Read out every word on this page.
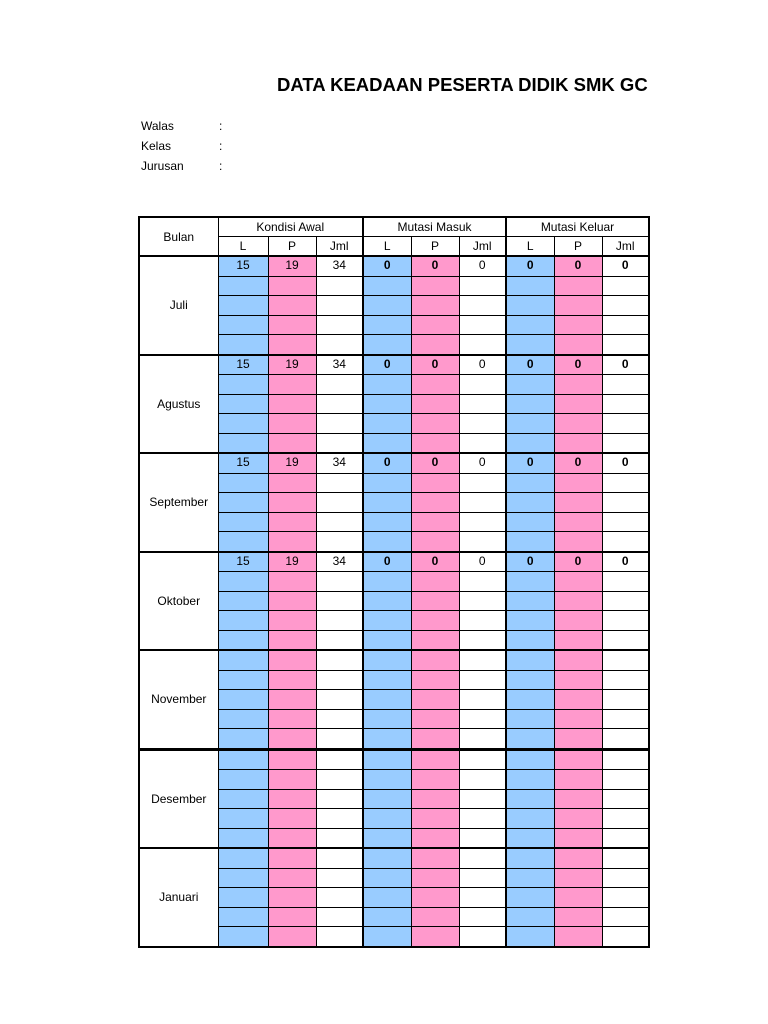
DATA KEADAAN PESERTA DIDIK SMK GC
Walas	:
Kelas	:
Jurusan	:
Bulan	Kondisi Awal			Mutasi Masuk			Mutasi Keluar		
	L	P	Jml	L	P	Jml	L	P	Jml
Juli	15	19	34	0	0	0	0	0	0

Agustus	15	19	34	0	0	0	0	0	0

September	15	19	34	0	0	0	0	0	0

Oktober	15	19	34	0	0	0	0	0	0

November									

Desember									

Januari									
